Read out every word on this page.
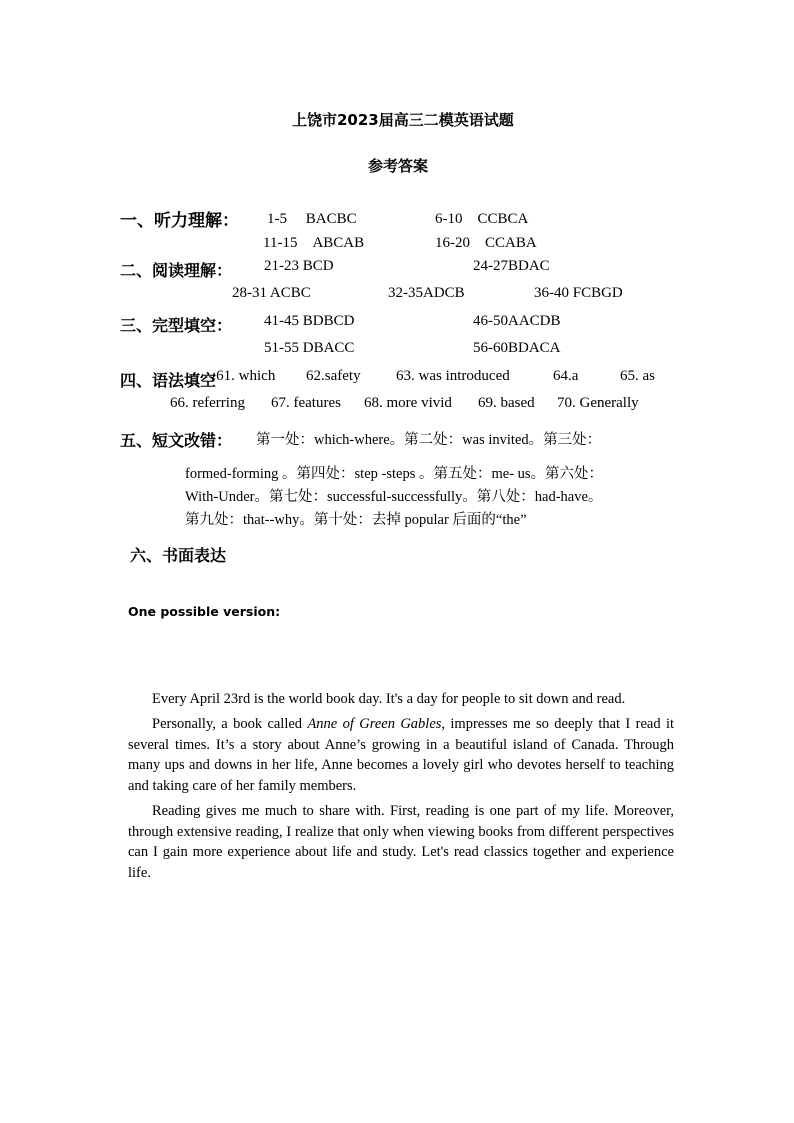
上饶市2023届高三二模英语试题
参考答案
一、听力理解： 1-5　 BACBC	6-10　CCBCA
11-15　ABCAB	16-20　CCABA
二、阅读理解： 21-23 BCD	24-27BDAC
28-31 ACBC	32-35ADCB	36-40 FCBGD
三、完型填空： 41-45 BDBCD	46-50AACDB
51-55 DBACC	56-60BDACA
四、语法填空
:61. which 62.safety 63. was introduced	64.a	65. as
66. referring 67. features 68. more vivid 69. based 70. Generally
五、短文改错： 第一处：which-where。第二处：was invited。第三处：
formed-forming 。第四处：step -steps 。第五处：me- us。第六处：
With-Under。第七处：successful-successfully。第八处：had-have。
第九处：that--why。第十处：去掉 popular 后面的“the”
六、书面表达
One possible version:
Every April 23rd is the world book day. It's a day for people to sit down and read.
Personally, a book called Anne of Green Gables, impresses me so deeply that I read it several times. It’s a story about Anne’s growing in a beautiful island of Canada. Through many ups and downs in her life, Anne becomes a lovely girl who devotes herself to teaching and taking care of her family members.
Reading gives me much to share with. First, reading is one part of my life. Moreover, through extensive reading, I realize that only when viewing books from different perspectives can I gain more experience about life and study. Let's read classics together and experience life.
